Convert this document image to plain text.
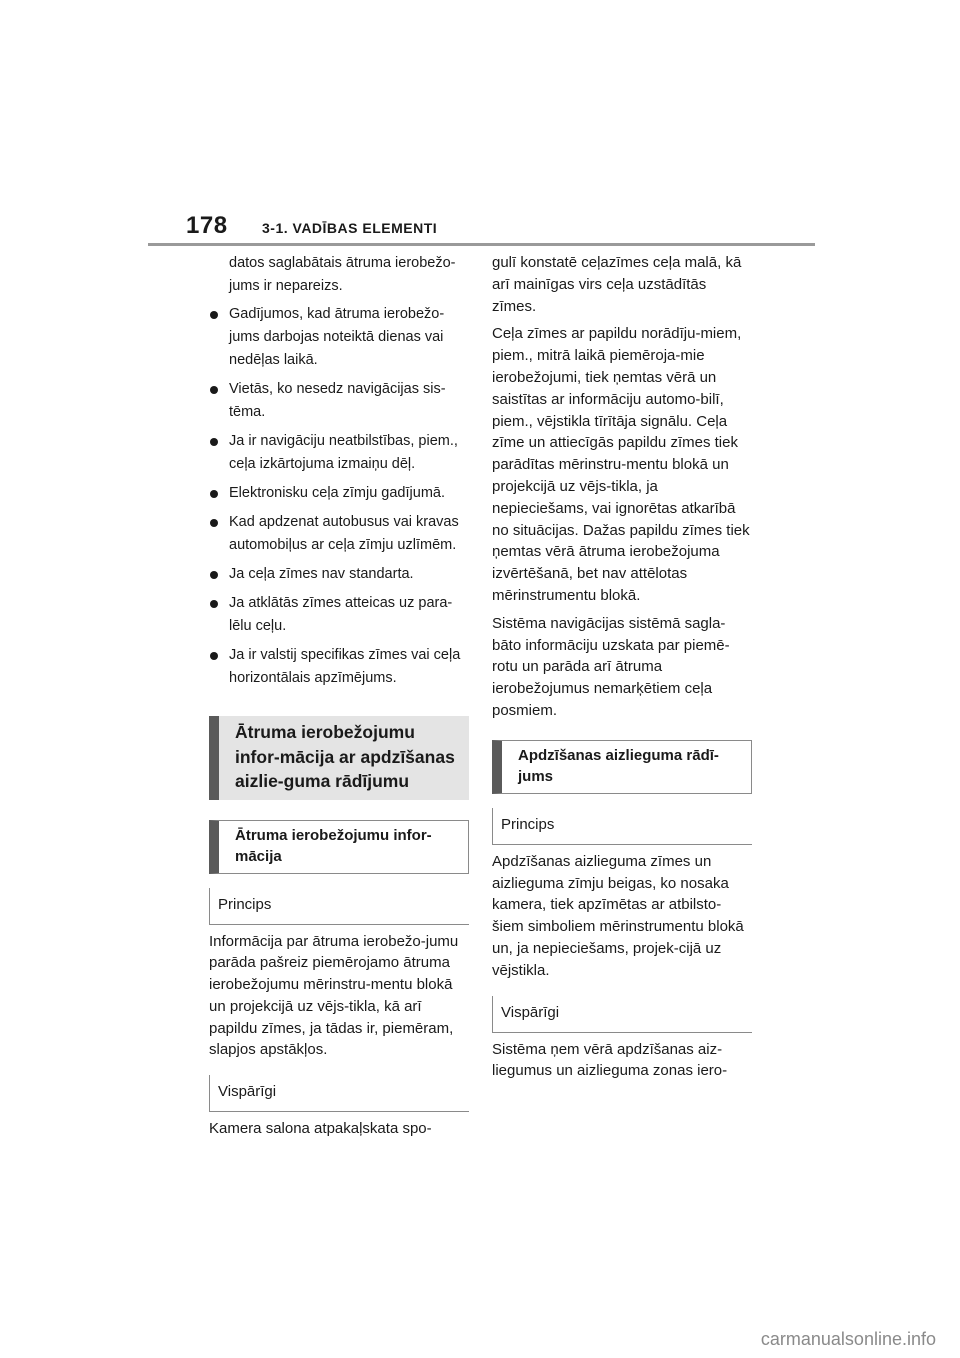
178 3-1. VADĪBAS ELEMENTI

datos saglabātais ātruma ierobežo-jums ir nepareizs.

Gadījumos, kad ātruma ierobežo-jums darbojas noteiktā dienas vai nedēļas laikā.
Vietās, ko nesedz navigācijas sis-tēma.
Ja ir navigāciju neatbilstības, piem., ceļa izkārtojuma izmaiņu dēļ.
Elektronisku ceļa zīmju gadījumā.
Kad apdzenat autobusus vai kravas automobiļus ar ceļa zīmju uzlīmēm.
Ja ceļa zīmes nav standarta.
Ja atklātās zīmes atteicas uz para-lēlu ceļu.
Ja ir valstij specifikas zīmes vai ceļa horizontālais apzīmējums.
Ātruma ierobežojumu infor-mācija ar apdzīšanas aizlie-guma rādījumu
Ātruma ierobežojumu infor-mācija
Princips

Informācija par ātruma ierobežo-jumu parāda pašreiz piemērojamo ātruma ierobežojumu mērinstru-mentu blokā un projekcijā uz vējs-tikla, kā arī papildu zīmes, ja tādas ir, piemēram, slapjos apstākļos.

Vispārīgi

Kamera salona atpakaļskata spo-

gulī konstatē ceļazīmes ceļa malā, kā arī mainīgas virs ceļa uzstādītās zīmes.

Ceļa zīmes ar papildu norādīju-miem, piem., mitrā laikā piemēroja-mie ierobežojumi, tiek ņemtas vērā un saistītas ar informāciju automo-bilī, piem., vējstikla tīrītāja signālu. Ceļa zīme un attiecīgās papildu zīmes tiek parādītas mērinstru-mentu blokā un projekcijā uz vējs-tikla, ja nepieciešams, vai ignorētas atkarībā no situācijas. Dažas papildu zīmes tiek ņemtas vērā ātruma ierobežojuma izvērtēšanā, bet nav attēlotas mērinstrumentu blokā.

Sistēma navigācijas sistēmā sagla-bāto informāciju uzskata par piemē-rotu un parāda arī ātruma ierobežojumus nemarķētiem ceļa posmiem.

Apdzīšanas aizlieguma rādī-jums
Princips

Apdzīšanas aizlieguma zīmes un aizlieguma zīmju beigas, ko nosaka kamera, tiek apzīmētas ar atbilsto-šiem simboliem mērinstrumentu blokā un, ja nepieciešams, projek-cijā uz vējstikla.

Vispārīgi

Sistēma ņem vērā apdzīšanas aiz-liegumus un aizlieguma zonas iero-

carmanualsonline.info
